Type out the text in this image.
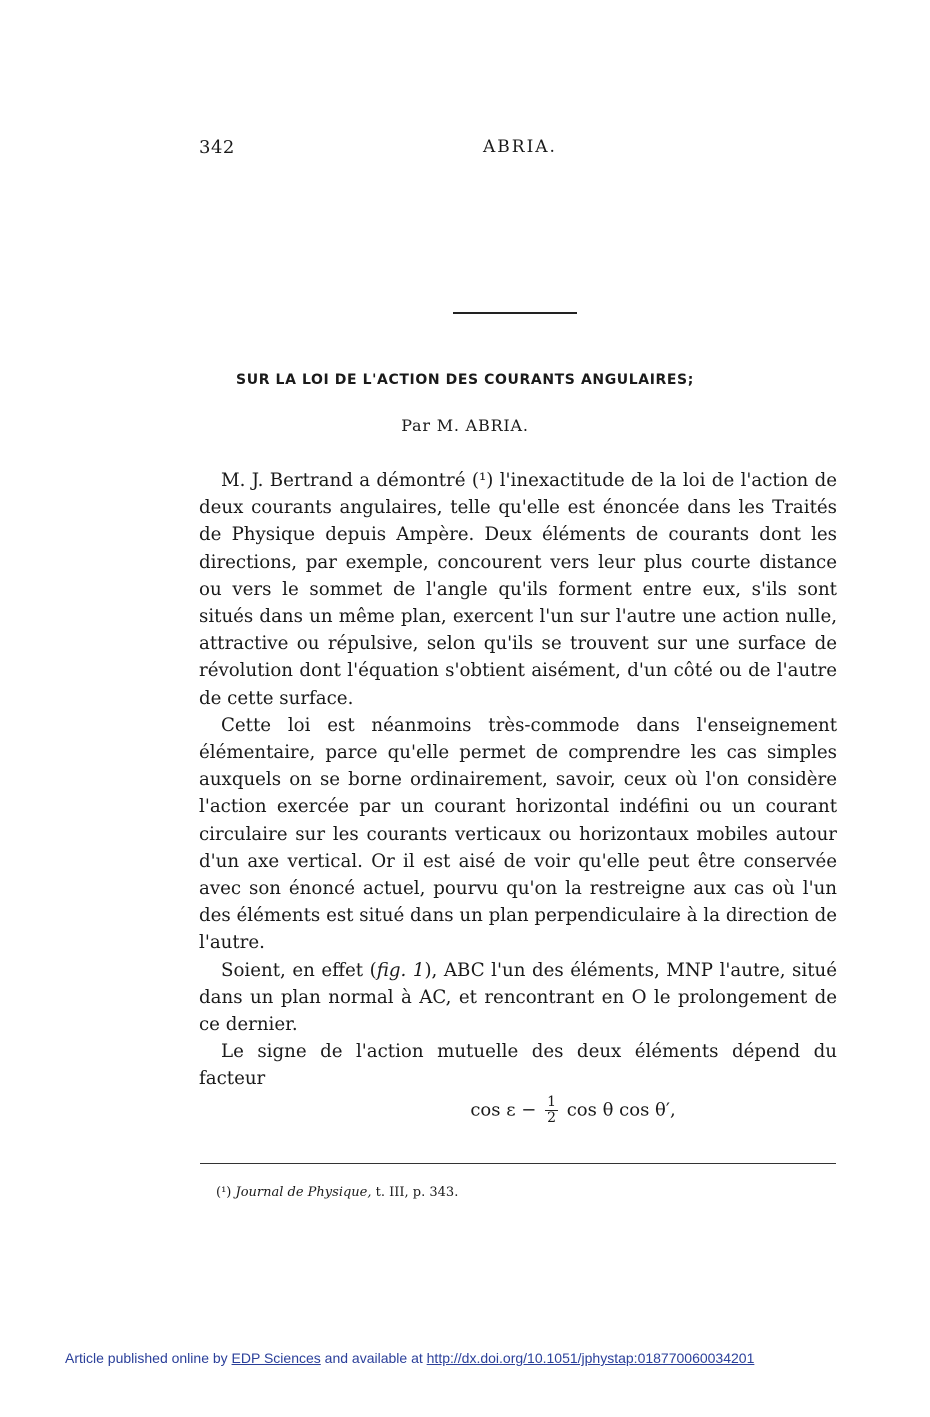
342	ABRIA.
SUR LA LOI DE L'ACTION DES COURANTS ANGULAIRES;
Par M. ABRIA.

M. J. Bertrand a démontré (¹) l'inexactitude de la loi de l'action de deux courants angulaires, telle qu'elle est énoncée dans les Traités de Physique depuis Ampère. Deux éléments de courants dont les directions, par exemple, concourent vers leur plus courte distance ou vers le sommet de l'angle qu'ils forment entre eux, s'ils sont situés dans un même plan, exercent l'un sur l'autre une action nulle, attractive ou répulsive, selon qu'ils se trouvent sur une surface de révolution dont l'équation s'obtient aisément, d'un côté ou de l'autre de cette surface.

Cette loi est néanmoins très-commode dans l'enseignement élémentaire, parce qu'elle permet de comprendre les cas simples auxquels on se borne ordinairement, savoir, ceux où l'on considère l'action exercée par un courant horizontal indéfini ou un courant circulaire sur les courants verticaux ou horizontaux mobiles autour d'un axe vertical. Or il est aisé de voir qu'elle peut être conservée avec son énoncé actuel, pourvu qu'on la restreigne aux cas où l'un des éléments est situé dans un plan perpendiculaire à la direction de l'autre.

Soient, en effet (fig. 1), ABC l'un des éléments, MNP l'autre, situé dans un plan normal à AC, et rencontrant en O le prolongement de ce dernier.

Le signe de l'action mutuelle des deux éléments dépend du facteur

$\cos \varepsilon - \frac{1}{2}$ cos θ cos θ′,
(¹) Journal de Physique, t. III, p. 343.
Article published online by EDP Sciences and available at http://dx.doi.org/10.1051/jphystap:018770060034201
